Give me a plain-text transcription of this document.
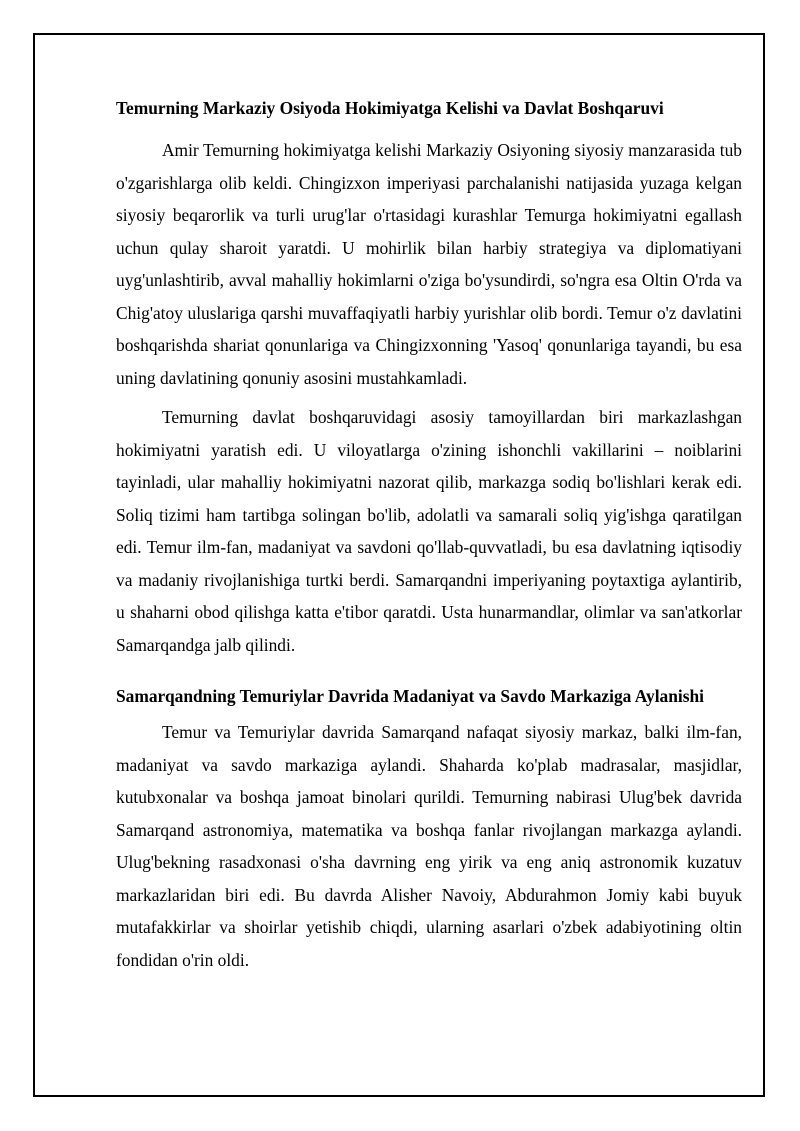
Temurning Markaziy Osiyoda Hokimiyatga Kelishi va Davlat Boshqaruvi

Amir Temurning hokimiyatga kelishi Markaziy Osiyoning siyosiy manzarasida tub o'zgarishlarga olib keldi. Chingizxon imperiyasi parchalanishi natijasida yuzaga kelgan siyosiy beqarorlik va turli urug'lar o'rtasidagi kurashlar Temurga hokimiyatni egallash uchun qulay sharoit yaratdi. U mohirlik bilan harbiy strategiya va diplomatiyani uyg'unlashtirib, avval mahalliy hokimlarni o'ziga bo'ysundirdi, so'ngra esa Oltin O'rda va Chig'atoy uluslariga qarshi muvaffaqiyatli harbiy yurishlar olib bordi. Temur o'z davlatini boshqarishda shariat qonunlariga va Chingizxonning 'Yasoq' qonunlariga tayandi, bu esa uning davlatining qonuniy asosini mustahkamladi.

Temurning davlat boshqaruvidagi asosiy tamoyillardan biri markazlashgan hokimiyatni yaratish edi. U viloyatlarga o'zining ishonchli vakillarini – noiblarini tayinladi, ular mahalliy hokimiyatni nazorat qilib, markazga sodiq bo'lishlari kerak edi. Soliq tizimi ham tartibga solingan bo'lib, adolatli va samarali soliq yig'ishga qaratilgan edi. Temur ilm-fan, madaniyat va savdoni qo'llab-quvvatladi, bu esa davlatning iqtisodiy va madaniy rivojlanishiga turtki berdi. Samarqandni imperiyaning poytaxtiga aylantirib, u shaharni obod qilishga katta e'tibor qaratdi. Usta hunarmandlar, olimlar va san'atkorlar Samarqandga jalb qilindi.

Samarqandning Temuriylar Davrida Madaniyat va Savdo Markaziga Aylanishi

Temur va Temuriylar davrida Samarqand nafaqat siyosiy markaz, balki ilm-fan, madaniyat va savdo markaziga aylandi. Shaharda ko'plab madrasalar, masjidlar, kutubxonalar va boshqa jamoat binolari qurildi. Temurning nabirasi Ulug'bek davrida Samarqand astronomiya, matematika va boshqa fanlar rivojlangan markazga aylandi. Ulug'bekning rasadxonasi o'sha davrning eng yirik va eng aniq astronomik kuzatuv markazlaridan biri edi. Bu davrda Alisher Navoiy, Abdurahmon Jomiy kabi buyuk mutafakkirlar va shoirlar yetishib chiqdi, ularning asarlari o'zbek adabiyotining oltin fondidan o'rin oldi.
